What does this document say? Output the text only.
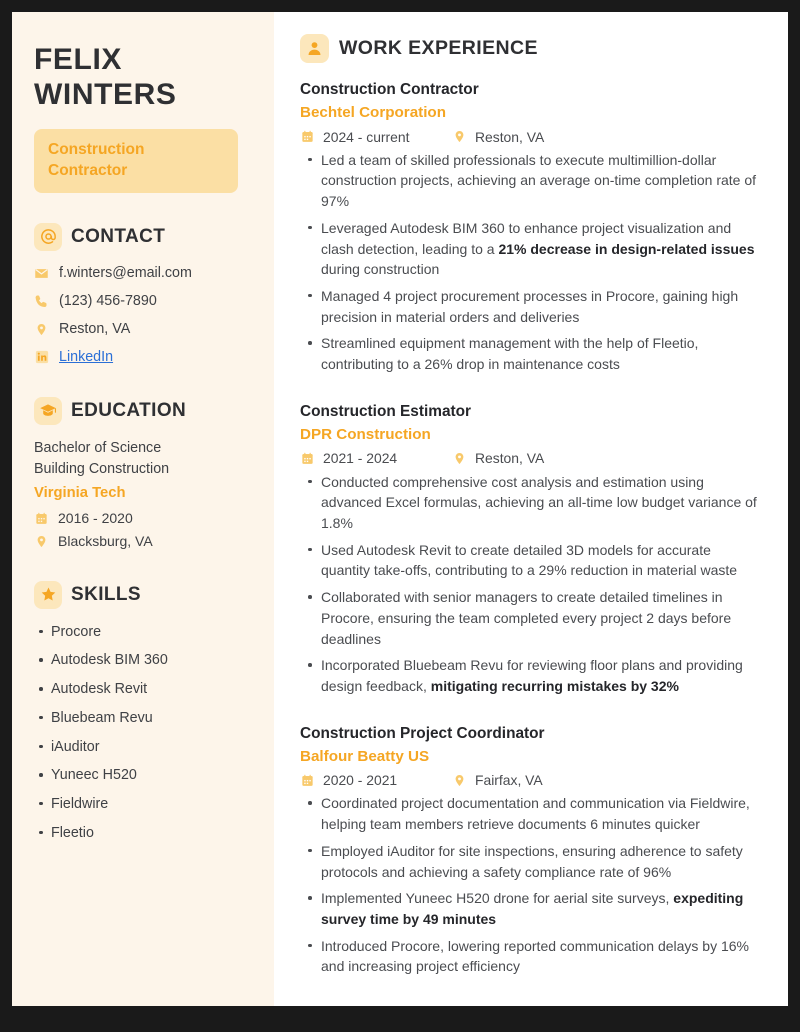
FELIX
WINTERS
Construction Contractor
CONTACT
f.winters@email.com
(123) 456-7890
Reston, VA
LinkedIn
EDUCATION
Bachelor of Science
Building Construction
Virginia Tech
2016 - 2020
Blacksburg, VA
SKILLS
Procore
Autodesk BIM 360
Autodesk Revit
Bluebeam Revu
iAuditor
Yuneec H520
Fieldwire
Fleetio
WORK EXPERIENCE
Construction Contractor
Bechtel Corporation
2024 - current	Reston, VA
Led a team of skilled professionals to execute multimillion-dollar construction projects, achieving an average on-time completion rate of 97%
Leveraged Autodesk BIM 360 to enhance project visualization and clash detection, leading to a 21% decrease in design-related issues during construction
Managed 4 project procurement processes in Procore, gaining high precision in material orders and deliveries
Streamlined equipment management with the help of Fleetio, contributing to a 26% drop in maintenance costs
Construction Estimator
DPR Construction
2021 - 2024	Reston, VA
Conducted comprehensive cost analysis and estimation using advanced Excel formulas, achieving an all-time low budget variance of 1.8%
Used Autodesk Revit to create detailed 3D models for accurate quantity take-offs, contributing to a 29% reduction in material waste
Collaborated with senior managers to create detailed timelines in Procore, ensuring the team completed every project 2 days before deadlines
Incorporated Bluebeam Revu for reviewing floor plans and providing design feedback, mitigating recurring mistakes by 32%
Construction Project Coordinator
Balfour Beatty US
2020 - 2021	Fairfax, VA
Coordinated project documentation and communication via Fieldwire, helping team members retrieve documents 6 minutes quicker
Employed iAuditor for site inspections, ensuring adherence to safety protocols and achieving a safety compliance rate of 96%
Implemented Yuneec H520 drone for aerial site surveys, expediting survey time by 49 minutes
Introduced Procore, lowering reported communication delays by 16% and increasing project efficiency
